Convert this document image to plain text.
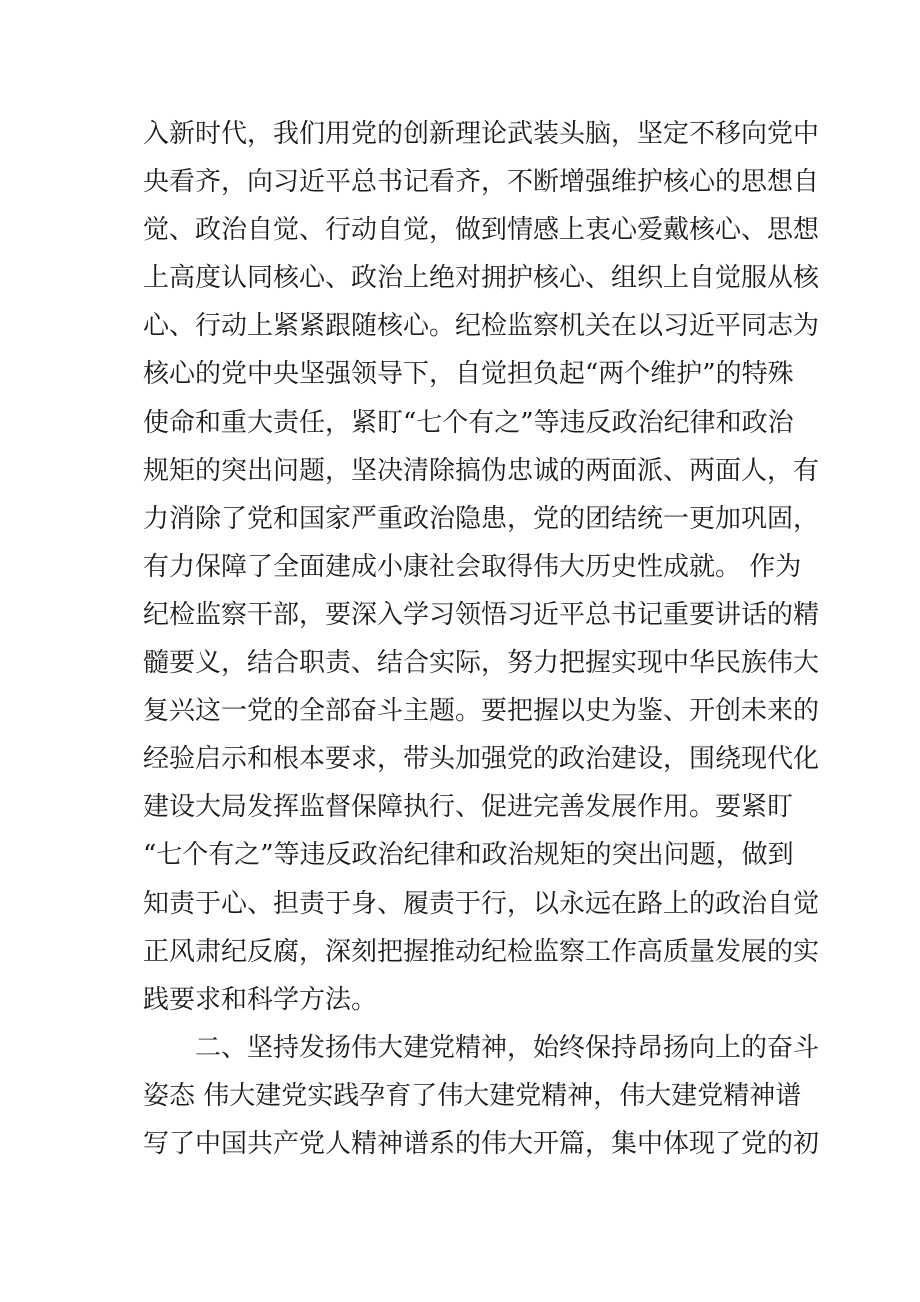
入新时代，我们用党的创新理论武装头脑，坚定不移向党中
央看齐，向习近平总书记看齐，不断增强维护核心的思想自
觉、政治自觉、行动自觉，做到情感上衷心爱戴核心、思想
上高度认同核心、政治上绝对拥护核心、组织上自觉服从核
心、行动上紧紧跟随核心。纪检监察机关在以习近平同志为
核心的党中央坚强领导下，自觉担负起“两个维护”的特殊
使命和重大责任，紧盯“七个有之”等违反政治纪律和政治
规矩的突出问题，坚决清除搞伪忠诚的两面派、两面人，有
力消除了党和国家严重政治隐患，党的团结统一更加巩固，
有力保障了全面建成小康社会取得伟大历史性成就。 作为
纪检监察干部，要深入学习领悟习近平总书记重要讲话的精
髓要义，结合职责、结合实际，努力把握实现中华民族伟大
复兴这一党的全部奋斗主题。要把握以史为鉴、开创未来的
经验启示和根本要求，带头加强党的政治建设，围绕现代化
建设大局发挥监督保障执行、促进完善发展作用。要紧盯
“七个有之”等违反政治纪律和政治规矩的突出问题，做到
知责于心、担责于身、履责于行，以永远在路上的政治自觉
正风肃纪反腐，深刻把握推动纪检监察工作高质量发展的实
践要求和科学方法。
二、坚持发扬伟大建党精神，始终保持昂扬向上的奋斗
姿态 伟大建党实践孕育了伟大建党精神，伟大建党精神谱
写了中国共产党人精神谱系的伟大开篇，集中体现了党的初
